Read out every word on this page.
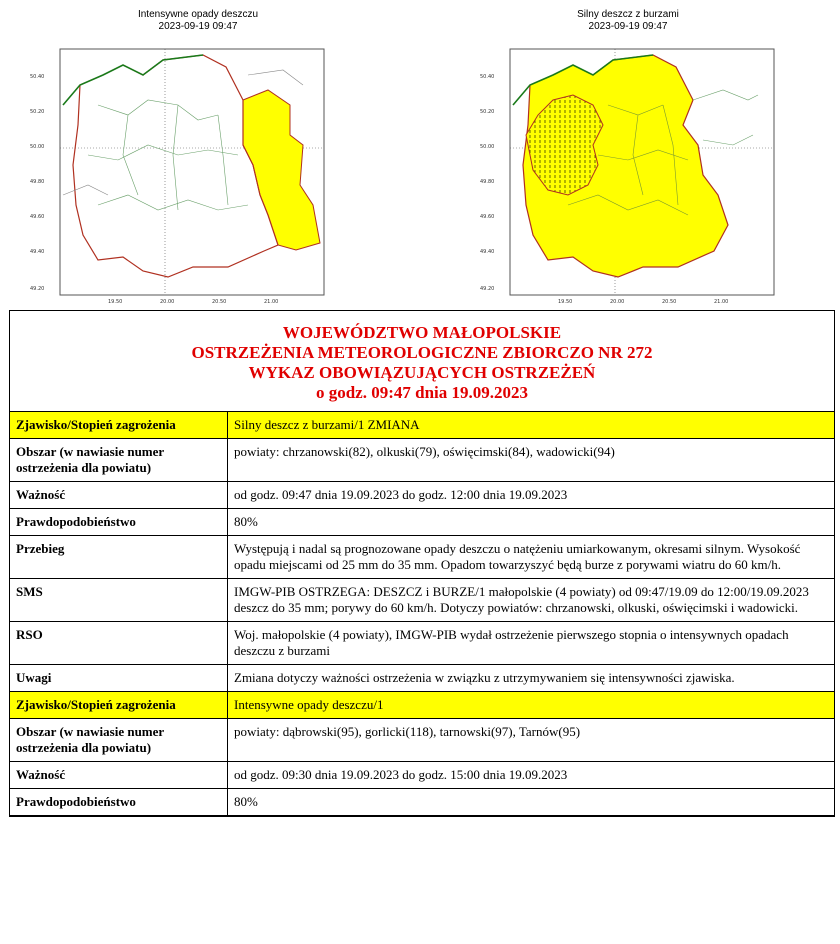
Intensywne opady deszczu
2023-09-19 09:47
50.40
50.20
50.00
49.80
49.60
49.40
49.20
19.50	20.00	20.50	21.00
Silny deszcz z burzami
2023-09-19 09:47
50.40
50.20
50.00
49.80
49.60
49.40
49.20
19.50	20.00	20.50	21.00
WOJEWÓDZTWO MAŁOPOLSKIE
OSTRZEŻENIA METEOROLOGICZNE ZBIORCZO NR 272
WYKAZ OBOWIĄZUJĄCYCH OSTRZEŻEŃ
o godz. 09:47 dnia 19.09.2023
Zjawisko/Stopień zagrożenia	Silny deszcz z burzami/1 ZMIANA
Obszar (w nawiasie numer ostrzeżenia dla powiatu)	powiaty: chrzanowski(82), olkuski(79), oświęcimski(84), wadowicki(94)
Ważność	od godz. 09:47 dnia 19.09.2023 do godz. 12:00 dnia 19.09.2023
Prawdopodobieństwo	80%
Przebieg	Występują i nadal są prognozowane opady deszczu o natężeniu umiarkowanym, okresami silnym. Wysokość opadu miejscami od 25 mm do 35 mm. Opadom towarzyszyć będą burze z porywami wiatru do 60 km/h.
SMS	IMGW-PIB OSTRZEGA: DESZCZ i BURZE/1 małopolskie (4 powiaty) od 09:47/19.09 do 12:00/19.09.2023 deszcz do 35 mm; porywy do 60 km/h. Dotyczy powiatów: chrzanowski, olkuski, oświęcimski i wadowicki.
RSO	Woj. małopolskie (4 powiaty), IMGW-PIB wydał ostrzeżenie pierwszego stopnia o intensywnych opadach deszczu z burzami
Uwagi	Zmiana dotyczy ważności ostrzeżenia w związku z utrzymywaniem się intensywności zjawiska.
Zjawisko/Stopień zagrożenia	Intensywne opady deszczu/1
Obszar (w nawiasie numer ostrzeżenia dla powiatu)	powiaty: dąbrowski(95), gorlicki(118), tarnowski(97), Tarnów(95)
Ważność	od godz. 09:30 dnia 19.09.2023 do godz. 15:00 dnia 19.09.2023
Prawdopodobieństwo	80%
